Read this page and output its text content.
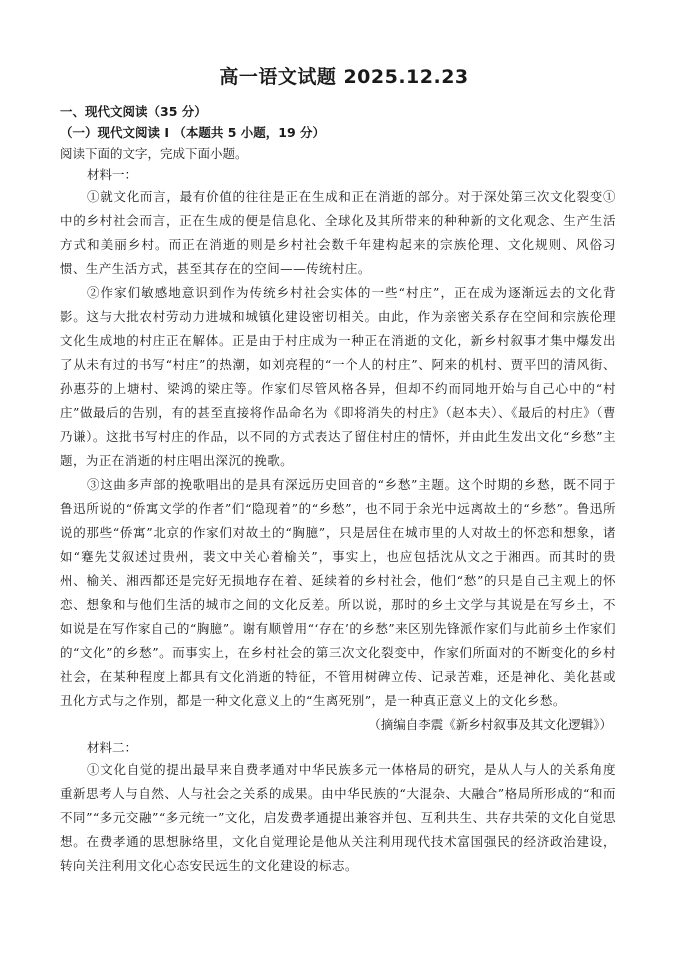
高一语文试题 2025.12.23
一、现代文阅读（35 分）
（一）现代文阅读 I （本题共 5 小题，19 分）
阅读下面的文字，完成下面小题。
材料一：

①就文化而言，最有价值的往往是正在生成和正在消逝的部分。对于深处第三次文化裂变①中的乡村社会而言，正在生成的便是信息化、全球化及其所带来的种种新的文化观念、生产生活方式和美丽乡村。而正在消逝的则是乡村社会数千年建构起来的宗族伦理、文化规则、风俗习惯、生产生活方式，甚至其存在的空间——传统村庄。

②作家们敏感地意识到作为传统乡村社会实体的一些“村庄”，正在成为逐渐远去的文化背影。这与大批农村劳动力进城和城镇化建设密切相关。由此，作为亲密关系存在空间和宗族伦理文化生成地的村庄正在解体。正是由于村庄成为一种正在消逝的文化，新乡村叙事才集中爆发出了从未有过的书写“村庄”的热潮，如刘亮程的“一个人的村庄”、阿来的机村、贾平凹的清风街、孙惠芬的上塘村、梁鸿的梁庄等。作家们尽管风格各异，但却不约而同地开始与自己心中的“村庄”做最后的告别，有的甚至直接将作品命名为《即将消失的村庄》（赵本夫）、《最后的村庄》（曹乃谦）。这批书写村庄的作品，以不同的方式表达了留住村庄的情怀，并由此生发出文化“乡愁”主题，为正在消逝的村庄唱出深沉的挽歌。

③这曲多声部的挽歌唱出的是具有深远历史回音的“乡愁”主题。这个时期的乡愁，既不同于鲁迅所说的“侨寓文学的作者”们“隐现着”的“乡愁”，也不同于余光中远离故土的“乡愁”。鲁迅所说的那些“侨寓”北京的作家们对故土的“胸臆”，只是居住在城市里的人对故土的怀恋和想象，诸如“蹇先艾叙述过贵州，裴文中关心着榆关”，事实上，也应包括沈从文之于湘西。而其时的贵州、榆关、湘西都还是完好无损地存在着、延续着的乡村社会，他们“愁”的只是自己主观上的怀恋、想象和与他们生活的城市之间的文化反差。所以说，那时的乡土文学与其说是在写乡土，不如说是在写作家自己的“胸臆”。谢有顺曾用“‘存在’的乡愁”来区别先锋派作家们与此前乡土作家们的“文化”的乡愁”。而事实上，在乡村社会的第三次文化裂变中，作家们所面对的不断变化的乡村社会，在某种程度上都具有文化消逝的特征，不管用树碑立传、记录苦难，还是神化、美化甚或丑化方式与之作别，都是一种文化意义上的“生离死别”，是一种真正意义上的文化乡愁。

（摘编自李震《新乡村叙事及其文化逻辑》）
材料二：

①文化自觉的提出最早来自费孝通对中华民族多元一体格局的研究，是从人与人的关系角度重新思考人与自然、人与社会之关系的成果。由中华民族的“大混杂、大融合”格局所形成的“和而不同”“多元交融”“多元统一”文化，启发费孝通提出兼容并包、互利共生、共存共荣的文化自觉思想。在费孝通的思想脉络里，文化自觉理论是他从关注利用现代技术富国强民的经济政治建设，转向关注利用文化心态安民远生的文化建设的标志。
